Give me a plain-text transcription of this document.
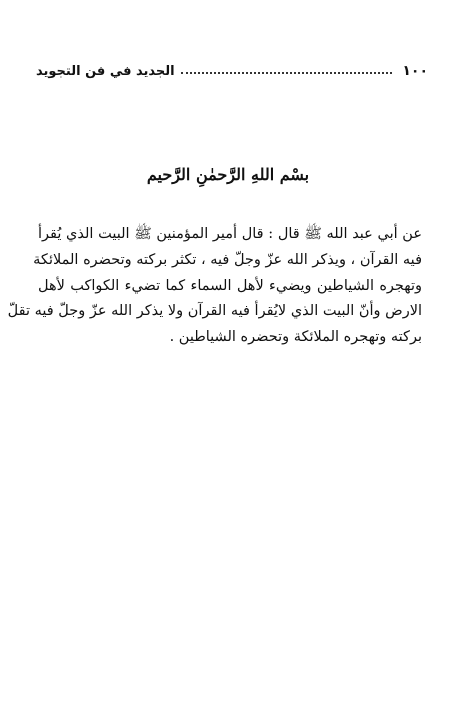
١٠٠
الجديد في فن التجويد
بسْم اللهِ الرَّحمٰنِ الرَّحيم
عن أبي عبد الله ﷺ قال : قال أمير المؤمنين ﷺ البيت الذي يُقرأ
فيه القرآن ، ويذكر الله عزّ وجلّ فيه ، تكثر بركته وتحضره الملائكة
وتهجره الشياطين ويضيء لأهل السماء كما تضيء الكواكب لأهل
الارض وأنّ البيت الذي لايُقرأ فيه القرآن ولا يذكر الله عزّ وجلّ فيه تقلّ
بركته وتهجره الملائكة وتحضره الشياطين .
